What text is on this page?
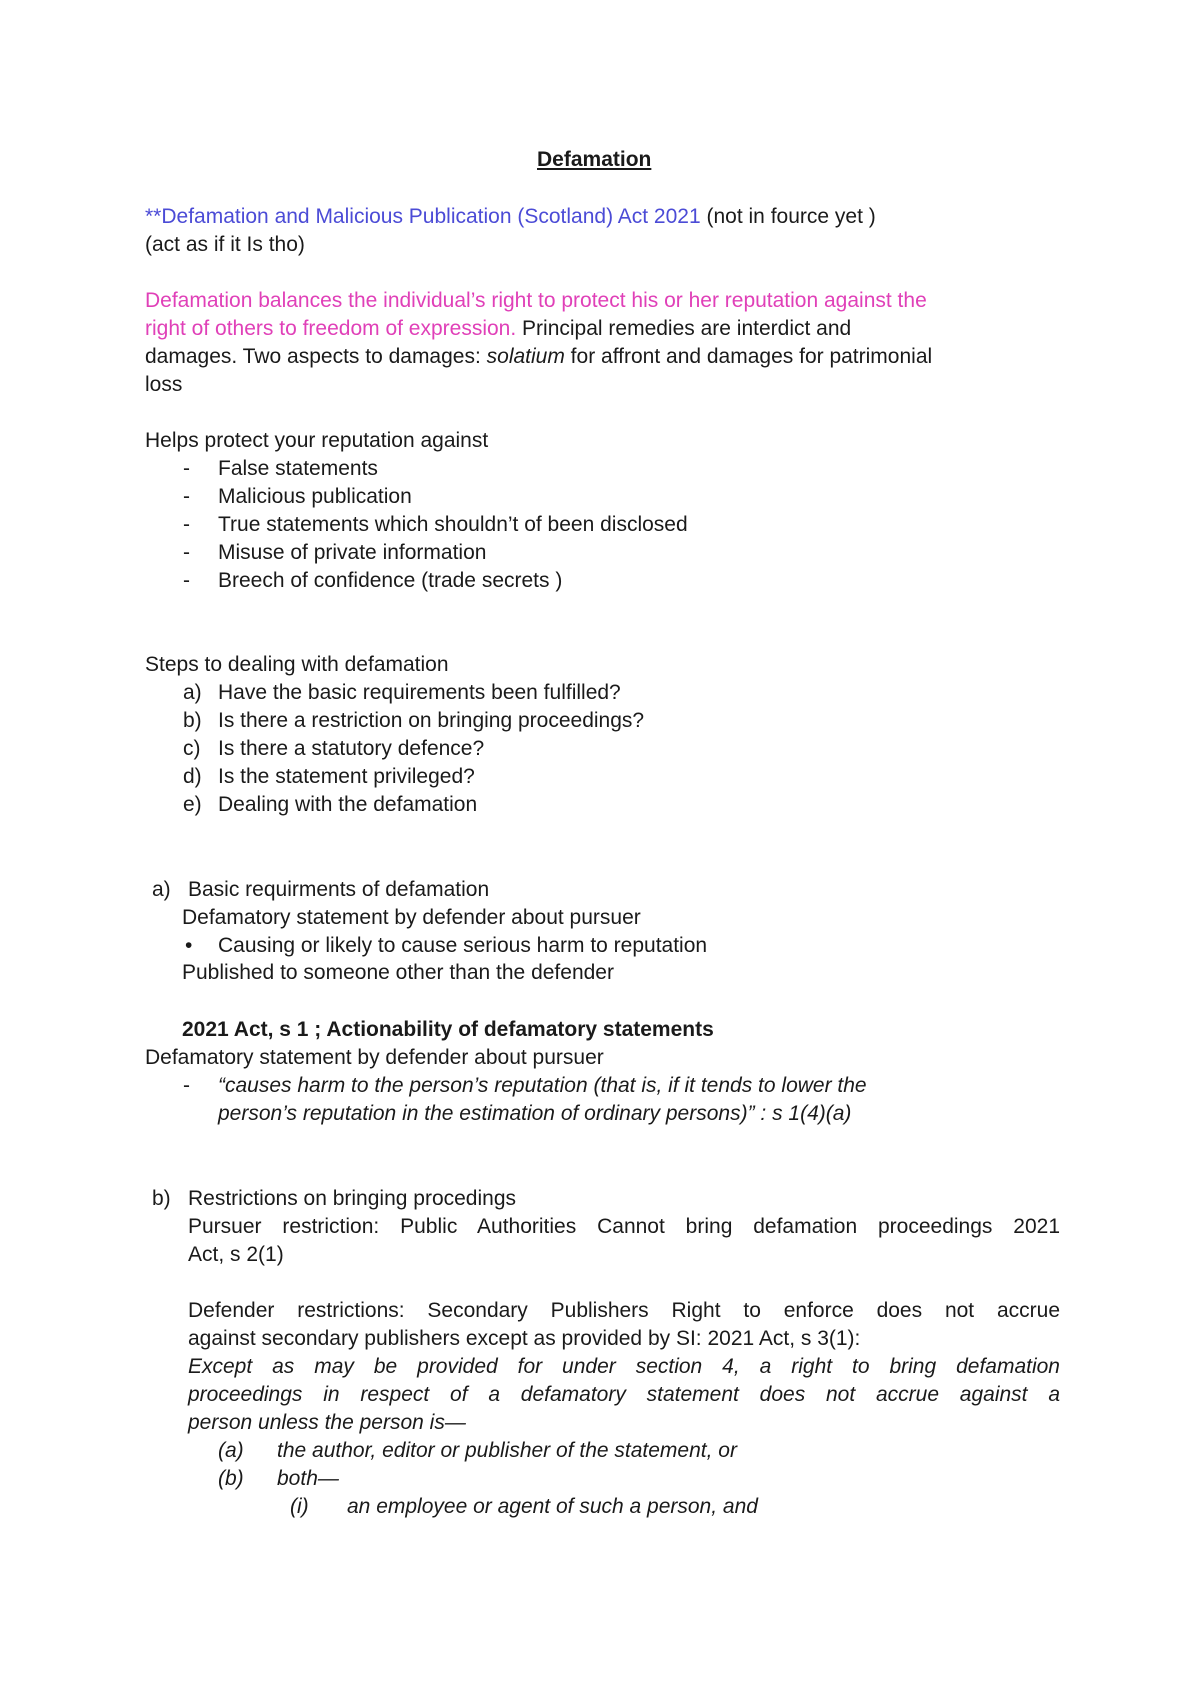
Defamation
**Defamation and Malicious Publication (Scotland) Act 2021 (not in fource yet )
(act as if it Is tho)
Defamation balances the individual’s right to protect his or her reputation against the
right of others to freedom of expression. Principal remedies are interdict and
damages. Two aspects to damages: solatium for affront and damages for patrimonial
loss
Helps protect your reputation against
- False statements
- Malicious publication
- True statements which shouldn’t of been disclosed
- Misuse of private information
- Breech of confidence (trade secrets )
Steps to dealing with defamation
a) Have the basic requirements been fulfilled?
b) Is there a restriction on bringing proceedings?
c) Is there a statutory defence?
d) Is the statement privileged?
e) Dealing with the defamation
a) Basic requirments of defamation
Defamatory statement by defender about pursuer
• Causing or likely to cause serious harm to reputation
Published to someone other than the defender
2021 Act, s 1 ; Actionability of defamatory statements
Defamatory statement by defender about pursuer
- “causes harm to the person’s reputation (that is, if it tends to lower the
person’s reputation in the estimation of ordinary persons)” : s 1(4)(a)
b) Restrictions on bringing procedings
Pursuer restriction: Public Authorities Cannot bring defamation proceedings 2021
Act, s 2(1)
Defender restrictions: Secondary Publishers Right to enforce does not accrue
against secondary publishers except as provided by SI: 2021 Act, s 3(1):
Except as may be provided for under section 4, a right to bring defamation
proceedings in respect of a defamatory statement does not accrue against a
person unless the person is—
(a) the author, editor or publisher of the statement, or
(b) both—
(i) an employee or agent of such a person, and
